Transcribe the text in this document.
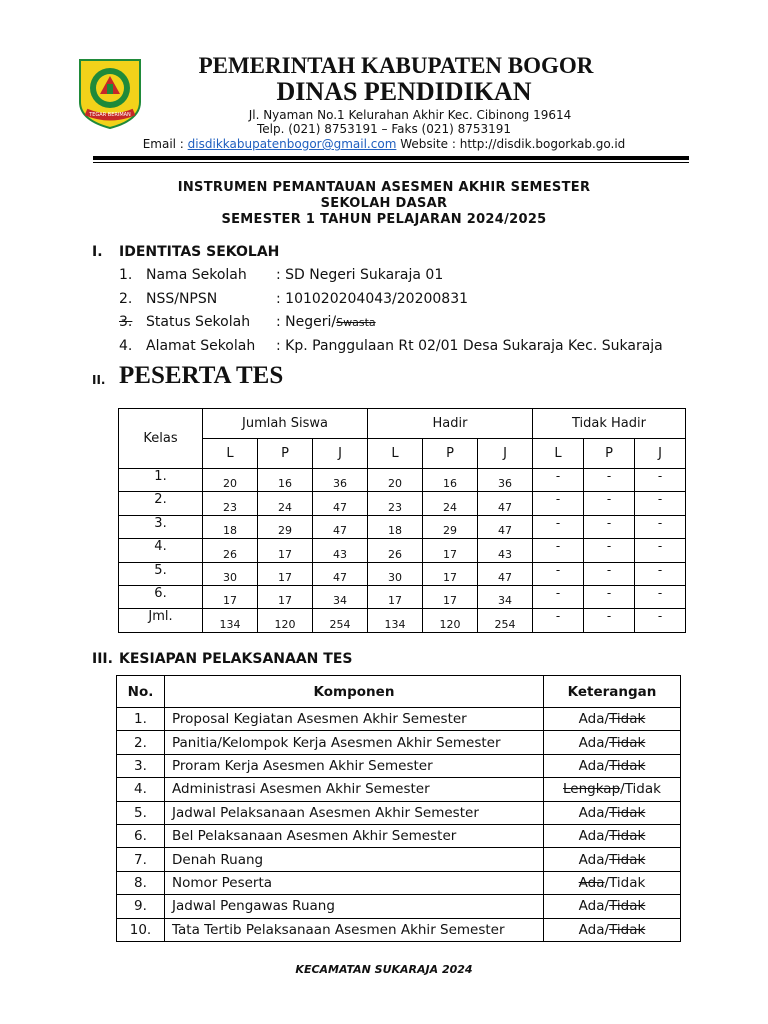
TEGAR BERIMAN
PEMERINTAH KABUPATEN BOGOR
DINAS PENDIDIKAN
Jl. Nyaman No.1 Kelurahan Akhir Kec. Cibinong 19614
Telp. (021) 8753191 – Faks (021) 8753191
Email : disdikkabupatenbogor@gmail.com Website : http://disdik.bogorkab.go.id
INSTRUMEN PEMANTAUAN ASESMEN AKHIR SEMESTER
SEKOLAH DASAR
SEMESTER 1 TAHUN PELAJARAN 2024/2025
I. IDENTITAS SEKOLAH
1. Nama Sekolah : SD Negeri Sukaraja 01
2. NSS/NPSN	: 101020204043/20200831
3. Status Sekolah : Negeri/Swasta
4. Alamat Sekolah : Kp. Panggulaan Rt 02/01 Desa Sukaraja Kec. Sukaraja
II. PESERTA TES
Kelas	Jumlah Siswa			Hadir			Tidak Hadir		
	L	P	J	L	P	J	L	P	J
1.	20	16	36	20	16	36	-	-	-
2.	23	24	47	23	24	47	-	-	-
3.	18	29	47	18	29	47	-	-	-
4.	26	17	43	26	17	43	-	-	-
5.	30	17	47	30	17	47	-	-	-
6.	17	17	34	17	17	34	-	-	-
Jml.	134	120	254	134	120	254	-	-	-
III. KESIAPAN PELAKSANAAN TES
No.	Komponen	Keterangan
1.	Proposal Kegiatan Asesmen Akhir Semester	Ada/Tidak
2.	Panitia/Kelompok Kerja Asesmen Akhir Semester	Ada/Tidak
3.	Proram Kerja Asesmen Akhir Semester	Ada/Tidak
4.	Administrasi Asesmen Akhir Semester	Lengkap/Tidak
5.	Jadwal Pelaksanaan Asesmen Akhir Semester	Ada/Tidak
6.	Bel Pelaksanaan Asesmen Akhir Semester	Ada/Tidak
7.	Denah Ruang	Ada/Tidak
8.	Nomor Peserta	Ada/Tidak
9.	Jadwal Pengawas Ruang	Ada/Tidak
10.	Tata Tertib Pelaksanaan Asesmen Akhir Semester	Ada/Tidak
KECAMATAN SUKARAJA 2024
